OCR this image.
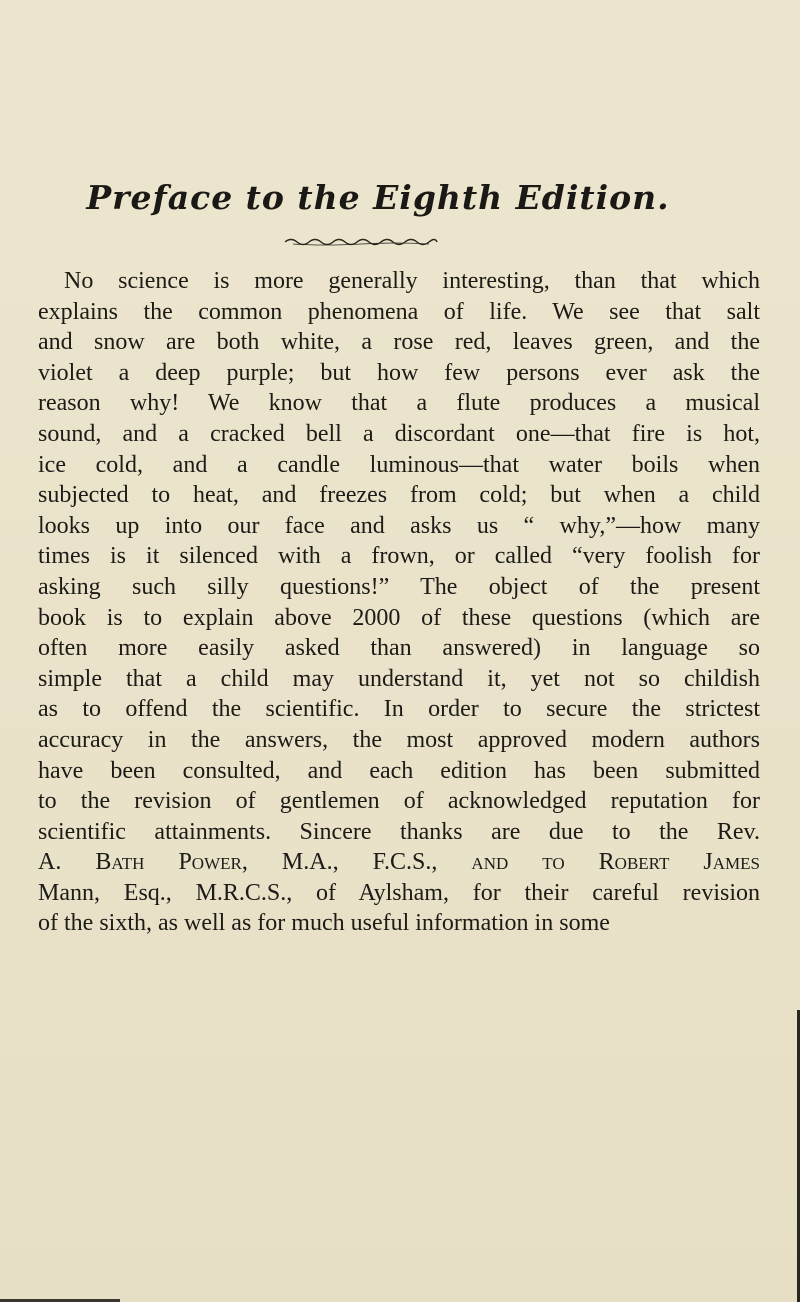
Preface to the Eighth Edition.
No science is more generally interesting, than that which
explains the common phenomena of life. We see that salt
and snow are both white, a rose red, leaves green, and the
violet a deep purple; but how few persons ever ask the
reason why! We know that a flute produces a musical
sound, and a cracked bell a discordant one—that fire is hot,
ice cold, and a candle luminous—that water boils when
subjected to heat, and freezes from cold; but when a child
looks up into our face and asks us “ why,”—how many
times is it silenced with a frown, or called “very foolish for
asking such silly questions!” The object of the present
book is to explain above 2000 of these questions (which are
often more easily asked than answered) in language so
simple that a child may understand it, yet not so childish
as to offend the scientific. In order to secure the strictest
accuracy in the answers, the most approved modern authors
have been consulted, and each edition has been submitted
to the revision of gentlemen of acknowledged reputation for
scientific attainments. Sincere thanks are due to the Rev.
A. Bath Power, M.A., F.C.S., and to Robert James
Mann, Esq., M.R.C.S., of Aylsham, for their careful revision
of the sixth, as well as for much useful information in some
